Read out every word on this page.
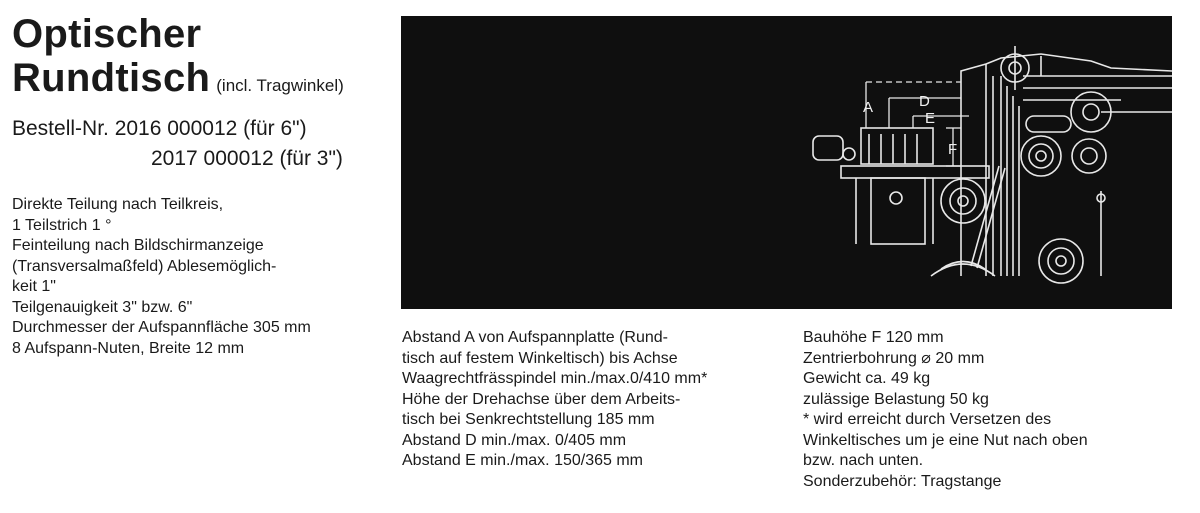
Optischer
Rundtisch (incl. Tragwinkel)
Bestell-Nr. 2016 000012 (für 6")
2017 000012 (für 3")
Direkte Teilung nach Teilkreis,
1 Teilstrich 1 °
Feinteilung nach Bildschirmanzeige
(Transversalmaßfeld) Ablesemöglich-
keit 1"
Teilgenauigkeit 3" bzw. 6"
Durchmesser der Aufspannfläche 305 mm
8 Aufspann-Nuten, Breite 12 mm
Abstand A von Aufspannplatte (Rund-
tisch auf festem Winkeltisch) bis Achse
Waagrechtfrässpindel min./max.0/410 mm*
Höhe der Drehachse über dem Arbeits-
tisch bei Senkrechtstellung 185 mm
Abstand D min./max. 0/405 mm
Abstand E min./max. 150/365 mm
Bauhöhe F 120 mm
Zentrierbohrung ⌀ 20 mm
Gewicht ca. 49 kg
zulässige Belastung 50 kg
* wird erreicht durch Versetzen des
Winkeltisches um je eine Nut nach oben
bzw. nach unten.
Sonderzubehör: Tragstange
A	D
E
F
